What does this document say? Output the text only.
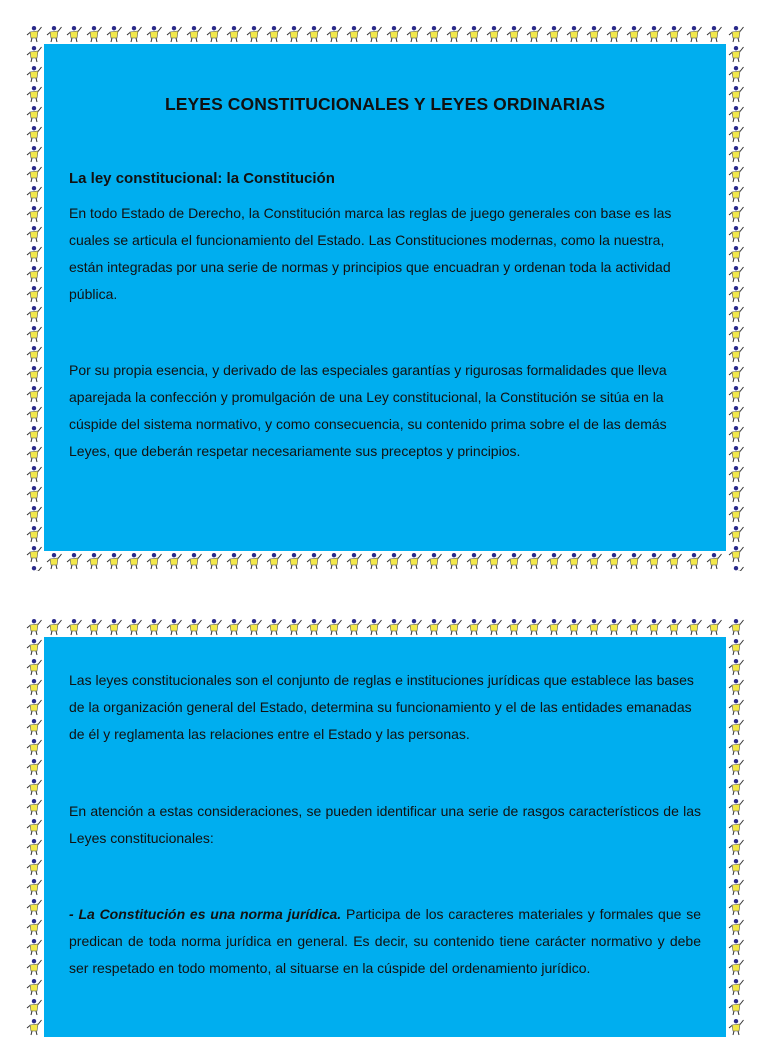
LEYES CONSTITUCIONALES Y LEYES ORDINARIAS
La ley constitucional: la Constitución

En todo Estado de Derecho, la Constitución marca las reglas de juego generales con base es las cuales se articula el funcionamiento del Estado. Las Constituciones modernas, como la nuestra, están integradas por una serie de normas y principios que encuadran y ordenan toda la actividad pública.

Por su propia esencia, y derivado de las especiales garantías y rigurosas formalidades que lleva aparejada la confección y promulgación de una Ley constitucional, la Constitución se sitúa en la cúspide del sistema normativo, y como consecuencia, su contenido prima sobre el de las demás Leyes, que deberán respetar necesariamente sus preceptos y principios.

Las leyes constitucionales son el conjunto de reglas e instituciones jurídicas que establece las bases de la organización general del Estado, determina su funcionamiento y el de las entidades emanadas de él y reglamenta las relaciones entre el Estado y las personas.

En atención a estas consideraciones, se pueden identificar una serie de rasgos característicos de las Leyes constitucionales:

- La Constitución es una norma jurídica. Participa de los caracteres materiales y formales que se predican de toda norma jurídica en general. Es decir, su contenido tiene carácter normativo y debe ser respetado en todo momento, al situarse en la cúspide del ordenamiento jurídico.
